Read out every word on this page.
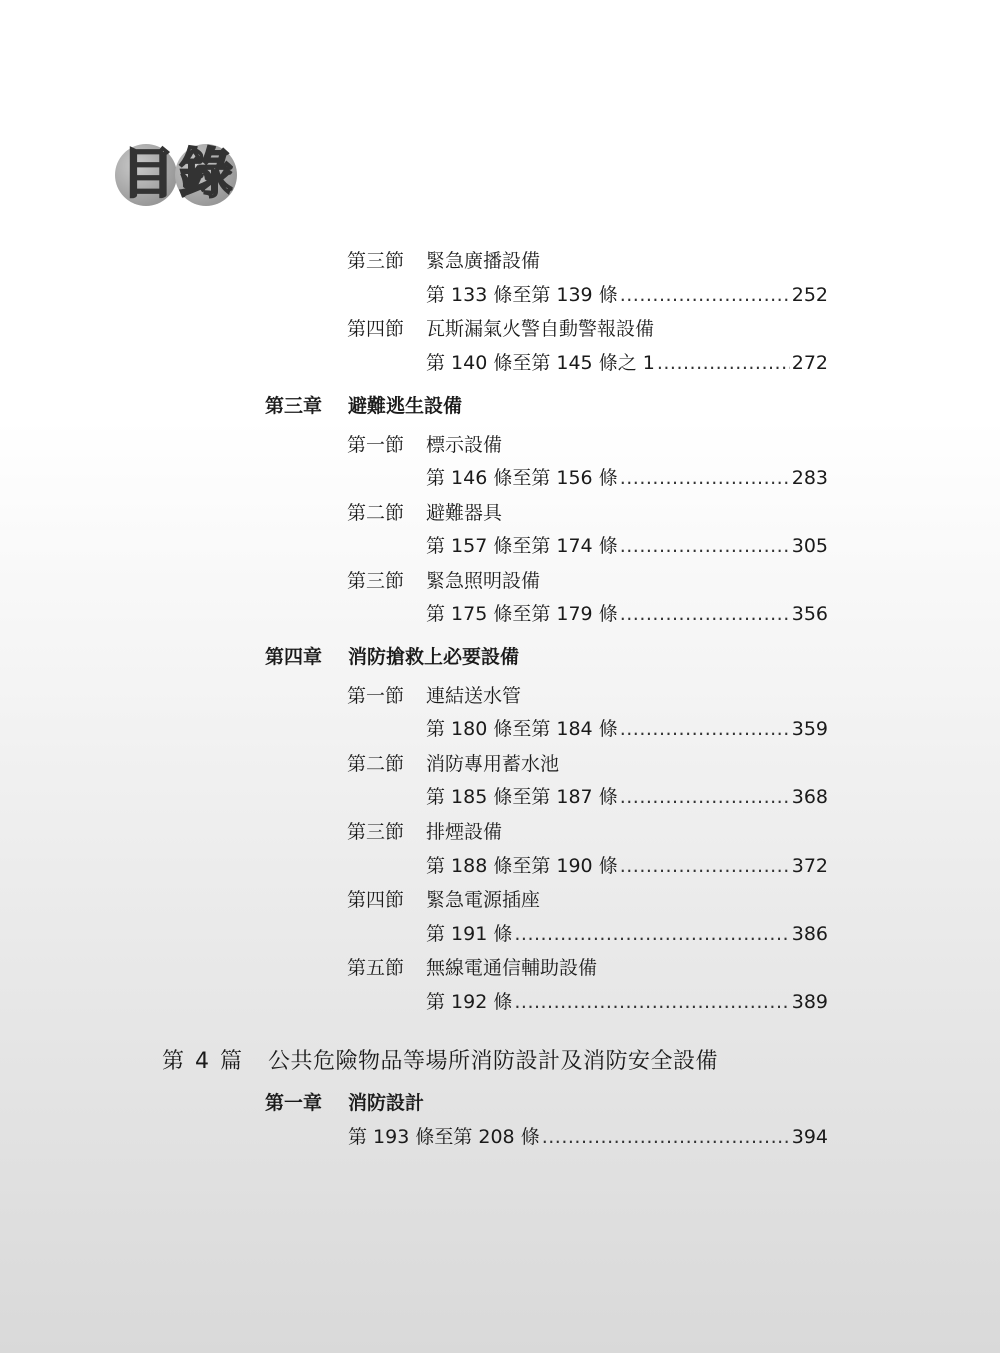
目 錄
第三節 緊急廣播設備
第 133 條至第 139 條 .....	252
第四節 瓦斯漏氣火警自動警報設備
第 140 條至第 145 條之 1 .....	272
第三章 避難逃生設備
第一節 標示設備
第 146 條至第 156 條 .....	283
第二節 避難器具
第 157 條至第 174 條 .....	305
第三節 緊急照明設備
第 175 條至第 179 條 .....	356
第四章 消防搶救上必要設備
第一節 連結送水管
第 180 條至第 184 條 .....	359
第二節 消防專用蓄水池
第 185 條至第 187 條 .....	368
第三節 排煙設備
第 188 條至第 190 條 .....	372
第四節 緊急電源插座
第 191 條 .....	386
第五節 無線電通信輔助設備
第 192 條 .....	389
第 4 篇 公共危險物品等場所消防設計及消防安全設備
第一章 消防設計
第 193 條至第 208 條 .....	394
